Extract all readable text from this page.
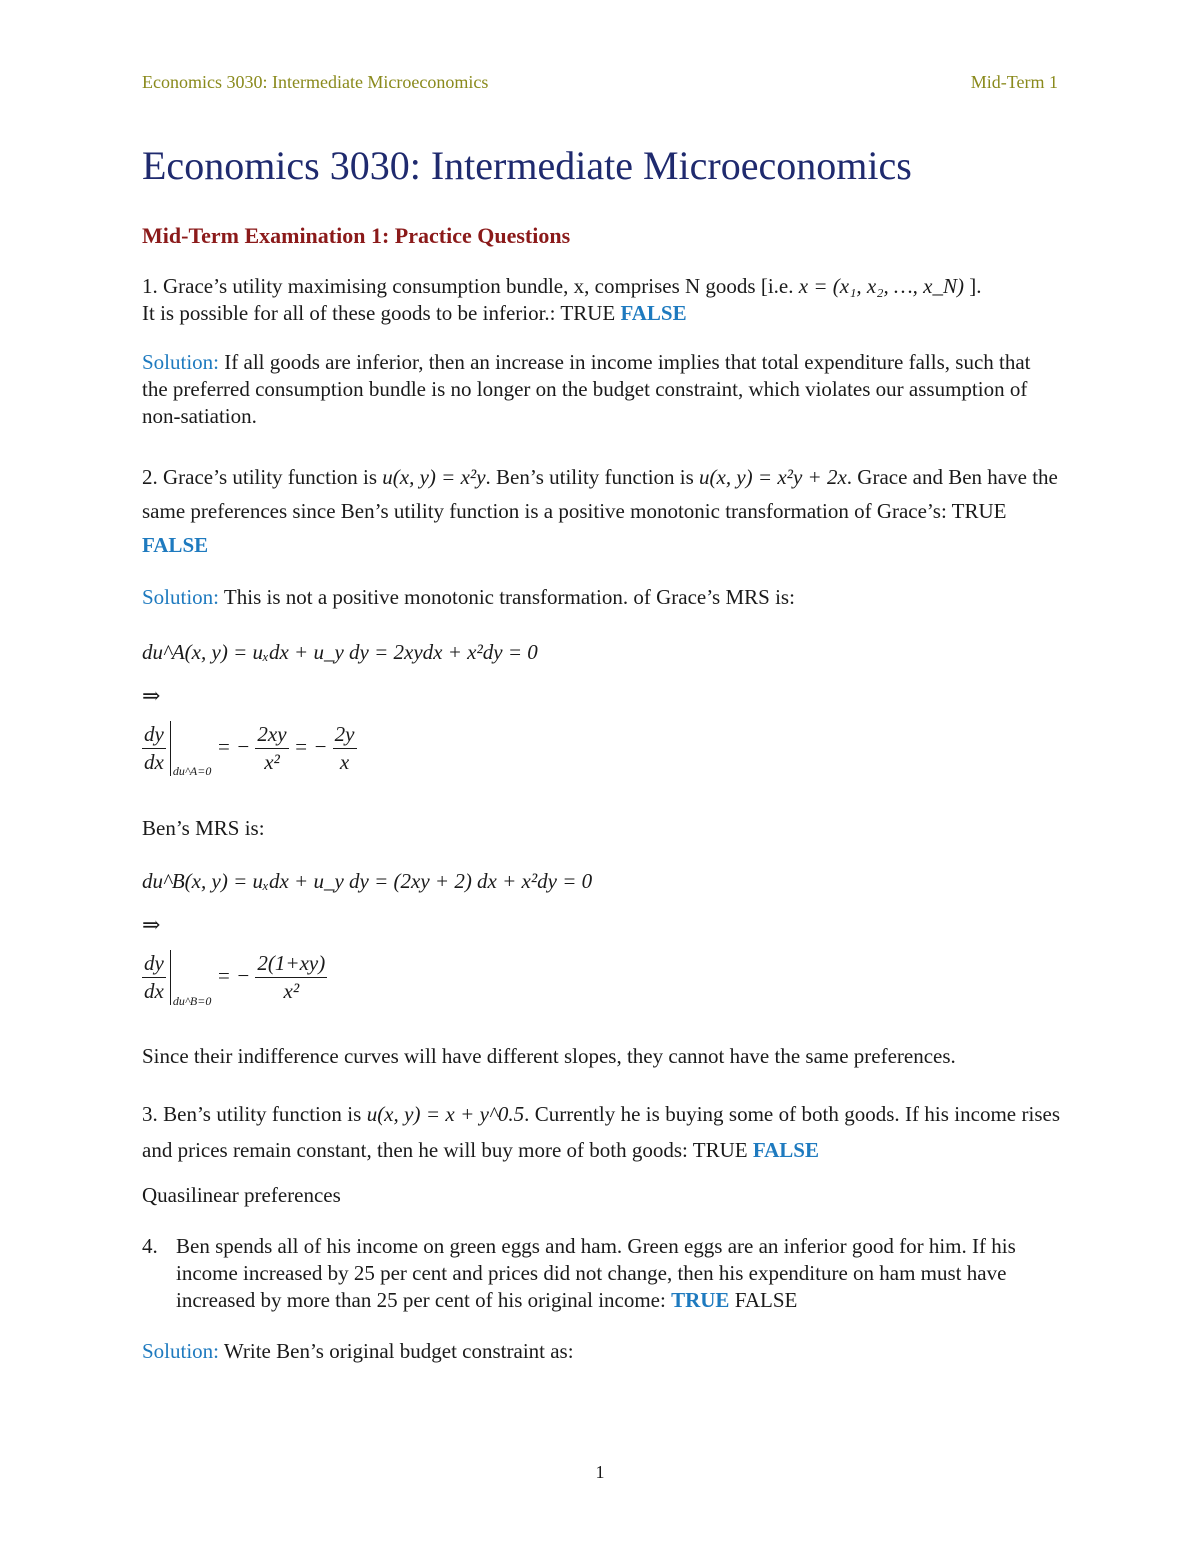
Economics 3030: Intermediate Microeconomics	Mid-Term 1
Economics 3030: Intermediate Microeconomics
Mid-Term Examination 1: Practice Questions

1. Grace’s utility maximising consumption bundle, x, comprises N goods [i.e. x = (x₁, x₂, …, x_N) ].
It is possible for all of these goods to be inferior.: TRUE FALSE

Solution: If all goods are inferior, then an increase in income implies that total expenditure falls, such that the preferred consumption bundle is no longer on the budget constraint, which violates our assumption of non-satiation.

2. Grace’s utility function is u(x, y) = x²y. Ben’s utility function is u(x, y) = x²y + 2x. Grace and Ben have the same preferences since Ben’s utility function is a positive monotonic transformation of Grace’s: TRUE FALSE

Solution: This is not a positive monotonic transformation. of Grace’s MRS is:

du^A(x, y) = uₓdx + u_y dy = 2xydx + x²dy = 0
⇒
$\frac{dy}{dx} _{du\^{}A=0}$ = − $\frac{2xy}{\text{x²}}$ = − $\frac{2y}{x}$

Ben’s MRS is:

du^B(x, y) = uₓdx + u_y dy = (2xy + 2) dx + x²dy = 0
⇒
$\frac{dy}{dx} _{du\^{}B=0}$ = − $\frac{2(1+xy)}{\text{x²}}$

Since their indifference curves will have different slopes, they cannot have the same preferences.

3. Ben’s utility function is u(x, y) = x + y^0.5. Currently he is buying some of both goods. If his income rises and prices remain constant, then he will buy more of both goods: TRUE FALSE

Quasilinear preferences

4. Ben spends all of his income on green eggs and ham. Green eggs are an inferior good for him. If his income increased by 25 per cent and prices did not change, then his expenditure on ham must have increased by more than 25 per cent of his original income: TRUE FALSE

Solution: Write Ben’s original budget constraint as:

1
